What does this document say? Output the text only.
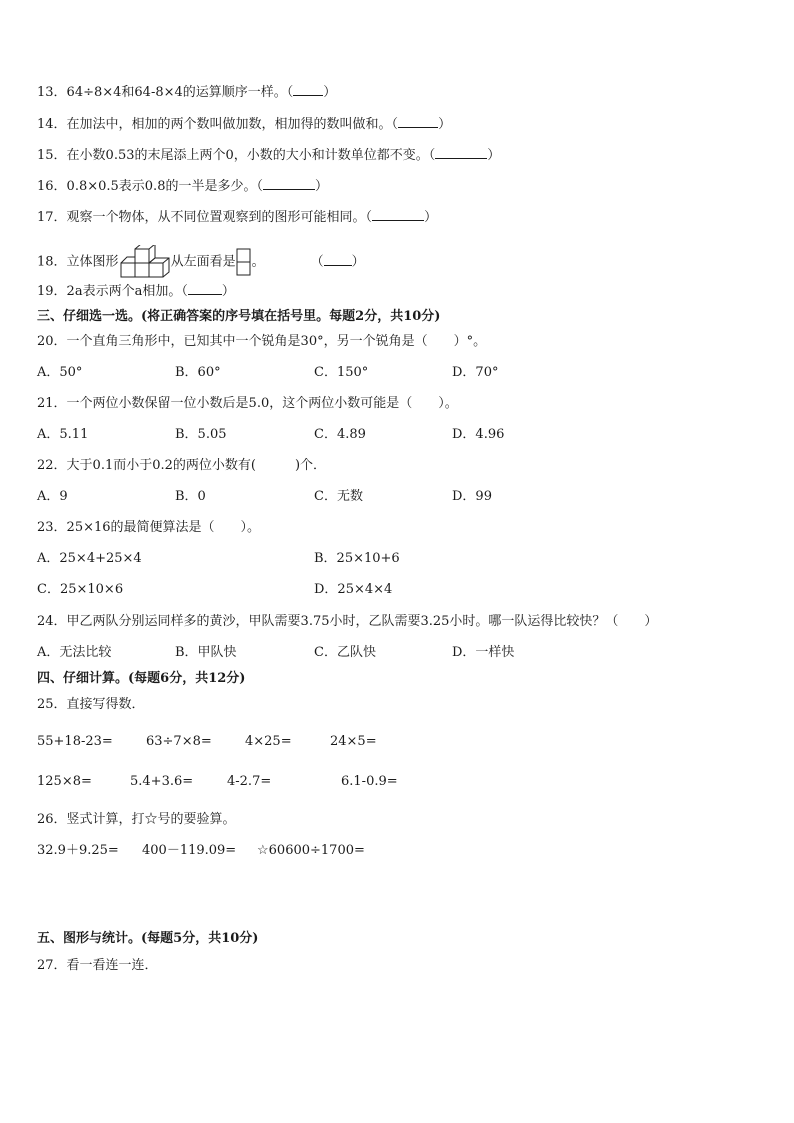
13．64÷8×4和64-8×4的运算顺序一样。（ ）
14．在加法中，相加的两个数叫做加数，相加得的数叫做和。（	）
15．在小数0.53的末尾添上两个0，小数的大小和计数单位都不变。（	）
16．0.8×0.5表示0.8的一半是多少。（	）
17．观察一个物体，从不同位置观察到的图形可能相同。（	）
18．立体图形	从左面看是 。	（ ）
19．2a表示两个a相加。（	）
三、仔细选一选。(将正确答案的序号填在括号里。每题2分，共10分)
20．一个直角三角形中，已知其中一个锐角是30°，另一个锐角是（　　）°。
A．50°	B．60°	C．150°	D．70°
21．一个两位小数保留一位小数后是5.0，这个两位小数可能是（　　）。
A．5.11	B．5.05	C．4.89	D．4.96
22．大于0.1而小于0.2的两位小数有(　　　)个．
A．9	B．0	C．无数	D．99
23．25×16的最简便算法是（　　）。
A．25×4+25×4	B．25×10+6
C．25×10×6	D．25×4×4
24．甲乙两队分别运同样多的黄沙，甲队需要3.75小时，乙队需要3.25小时。哪一队运得比较快？（　　）
A．无法比较	B．甲队快	C．乙队快	D．一样快
四、仔细计算。(每题6分，共12分)
25．直接写得数．
55+18-23=	63÷7×8=	4×25=	24×5=
125×8=	5.4+3.6=	4-2.7=	6.1-0.9=
26．竖式计算，打☆号的要验算。
32.9＋9.25= 400－119.09= ☆60600÷1700=
五、图形与统计。(每题5分，共10分)
27．看一看连一连．
